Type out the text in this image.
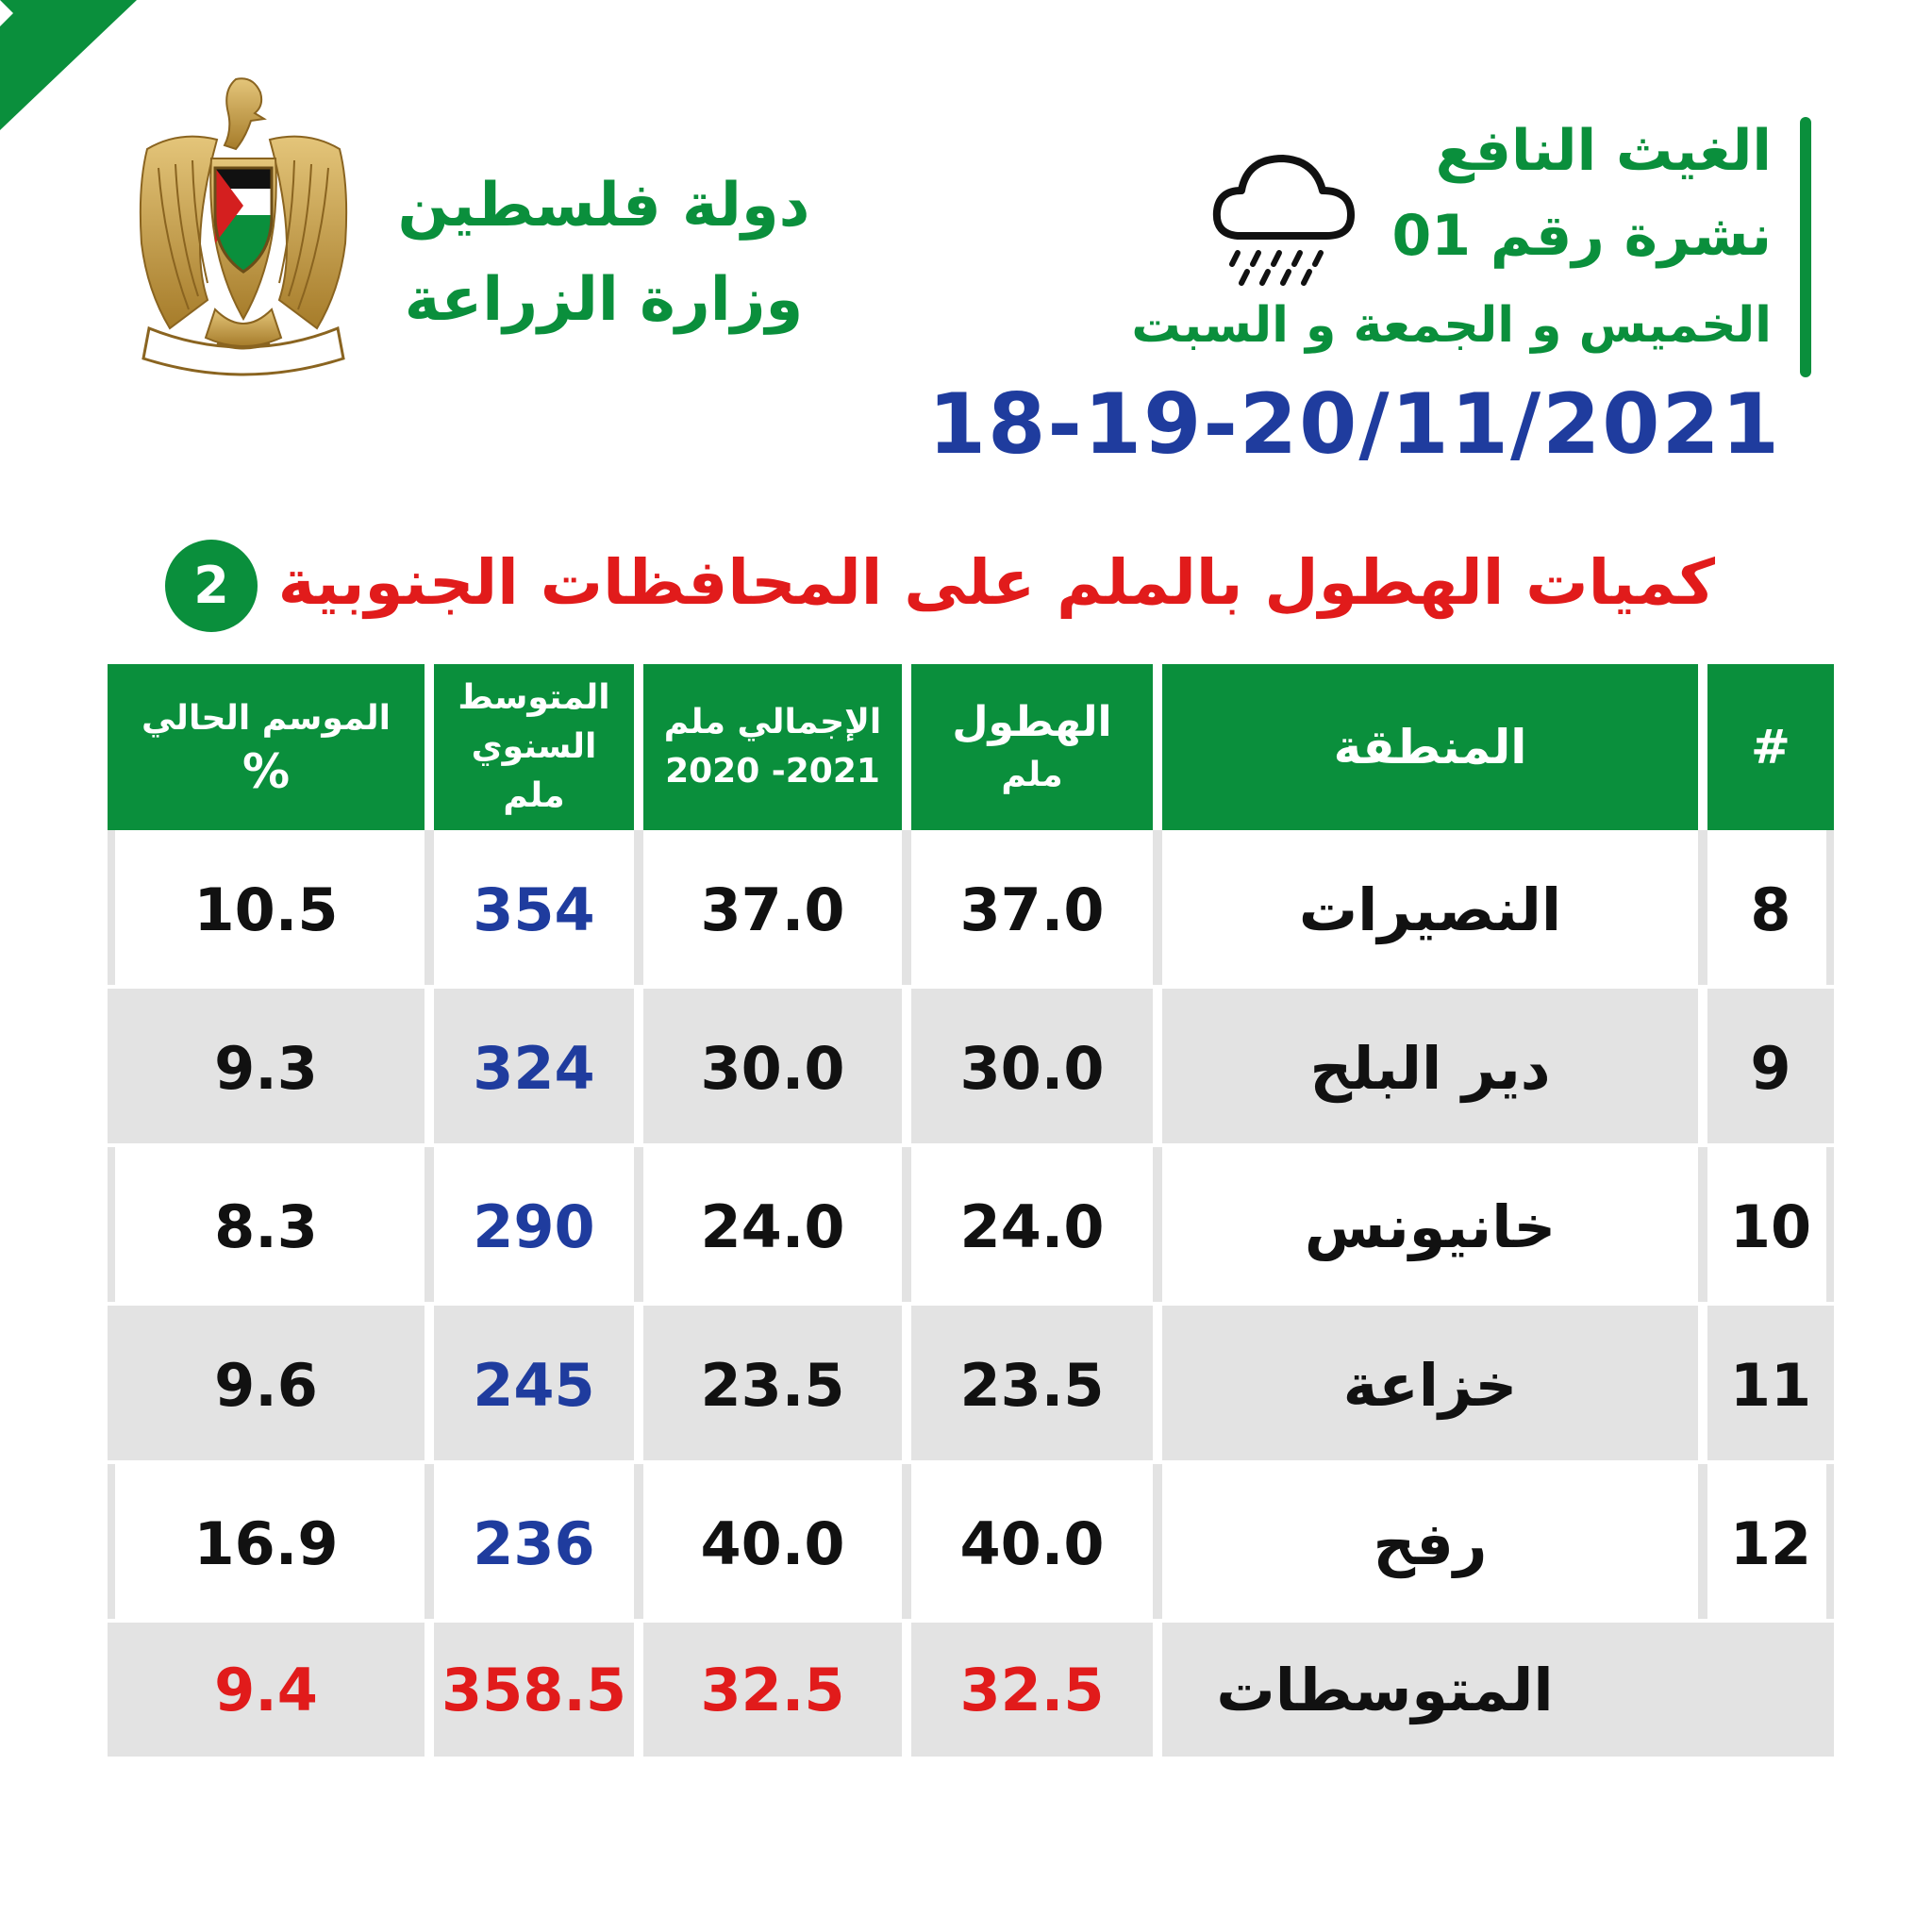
دولة فلسطين
وزارة الزراعة
الغيث النافع
نشرة رقم 01
الخميس و الجمعة و السبت
18-19-20/11/2021
كميات الهطول بالملم على المحافظات الجنوبية
2
#
المنطقة
الهطول
ملم
الإجمالي ملم
2020 -2021
المتوسط
السنوي
ملم
الموسم الحالي
%
8
النصيرات
37.0
37.0
354
10.5
9
دير البلح
30.0
30.0
324
9.3
10
خانيونس
24.0
24.0
290
8.3
11
خزاعة
23.5
23.5
245
9.6
12
رفح
40.0
40.0
236
16.9
المتوسطات
32.5
32.5
358.5
9.4
